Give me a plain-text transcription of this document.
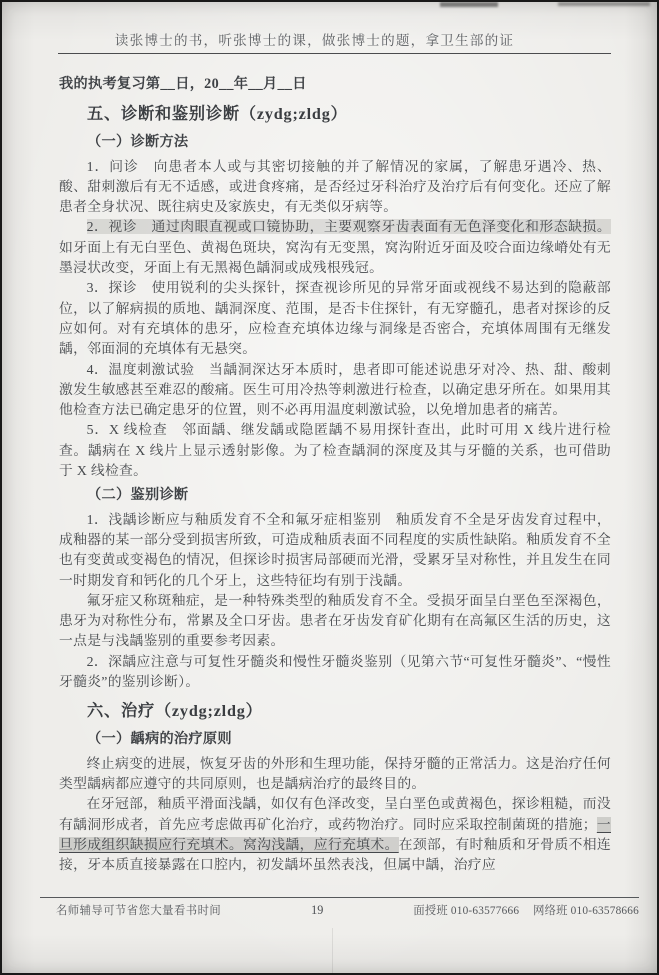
读张博士的书，听张博士的课，做张博士的题，拿卫生部的证
我的执考复习第__日，20__年__月__日
五、诊断和鉴别诊断（zydg;zldg）
（一）诊断方法

1．问诊　向患者本人或与其密切接触的并了解情况的家属，了解患牙遇冷、热、酸、甜刺激后有无不适感，或进食疼痛，是否经过牙科治疗及治疗后有何变化。还应了解患者全身状况、既往病史及家族史，有无类似牙病等。

2．视诊　通过肉眼直视或口镜协助，主要观察牙齿表面有无色泽变化和形态缺损。如牙面上有无白垩色、黄褐色斑块，窝沟有无变黑，窝沟附近牙面及咬合面边缘嵴处有无墨浸状改变，牙面上有无黑褐色龋洞或成残根残冠。

3．探诊　使用锐利的尖头探针，探查视诊所见的异常牙面或视线不易达到的隐蔽部位，以了解病损的质地、龋洞深度、范围，是否卡住探针，有无穿髓孔，患者对探诊的反应如何。对有充填体的患牙，应检查充填体边缘与洞缘是否密合，充填体周围有无继发龋，邻面洞的充填体有无悬突。

4．温度刺激试验　当龋洞深达牙本质时，患者即可能述说患牙对冷、热、甜、酸刺激发生敏感甚至难忍的酸痛。医生可用冷热等刺激进行检查，以确定患牙所在。如果用其他检查方法已确定患牙的位置，则不必再用温度刺激试验，以免增加患者的痛苦。

5．X 线检查　邻面龋、继发龋或隐匿龋不易用探针查出，此时可用 X 线片进行检查。龋病在 X 线片上显示透射影像。为了检查龋洞的深度及其与牙髓的关系，也可借助于 X 线检查。

（二）鉴别诊断

1．浅龋诊断应与釉质发育不全和氟牙症相鉴别　釉质发育不全是牙齿发育过程中，成釉器的某一部分受到损害所致，可造成釉质表面不同程度的实质性缺陷。釉质发育不全也有变黄或变褐色的情况，但探诊时损害局部硬而光滑，受累牙呈对称性，并且发生在同一时期发育和钙化的几个牙上，这些特征均有别于浅龋。

氟牙症又称斑釉症，是一种特殊类型的釉质发育不全。受损牙面呈白垩色至深褐色，患牙为对称性分布，常累及全口牙齿。患者在牙齿发育矿化期有在高氟区生活的历史，这一点是与浅龋鉴别的重要参考因素。

2．深龋应注意与可复性牙髓炎和慢性牙髓炎鉴别（见第六节“可复性牙髓炎”、“慢性牙髓炎”的鉴别诊断）。

六、治疗（zydg;zldg）
（一）龋病的治疗原则

终止病变的进展，恢复牙齿的外形和生理功能，保持牙髓的正常活力。这是治疗任何类型龋病都应遵守的共同原则，也是龋病治疗的最终目的。

在牙冠部，釉质平滑面浅龋，如仅有色泽改变，呈白垩色或黄褐色，探诊粗糙，而没有龋洞形成者，首先应考虑做再矿化治疗，或药物治疗。同时应采取控制菌斑的措施；一旦形成组织缺损应行充填术。窝沟浅龋，应行充填术。在颈部，有时釉质和牙骨质不相连接，牙本质直接暴露在口腔内，初发龋坏虽然表浅，但属中龋，治疗应

名师辅导可节省您大量看书时间	19	面授班 010-63577666 网络班 010-63578666
